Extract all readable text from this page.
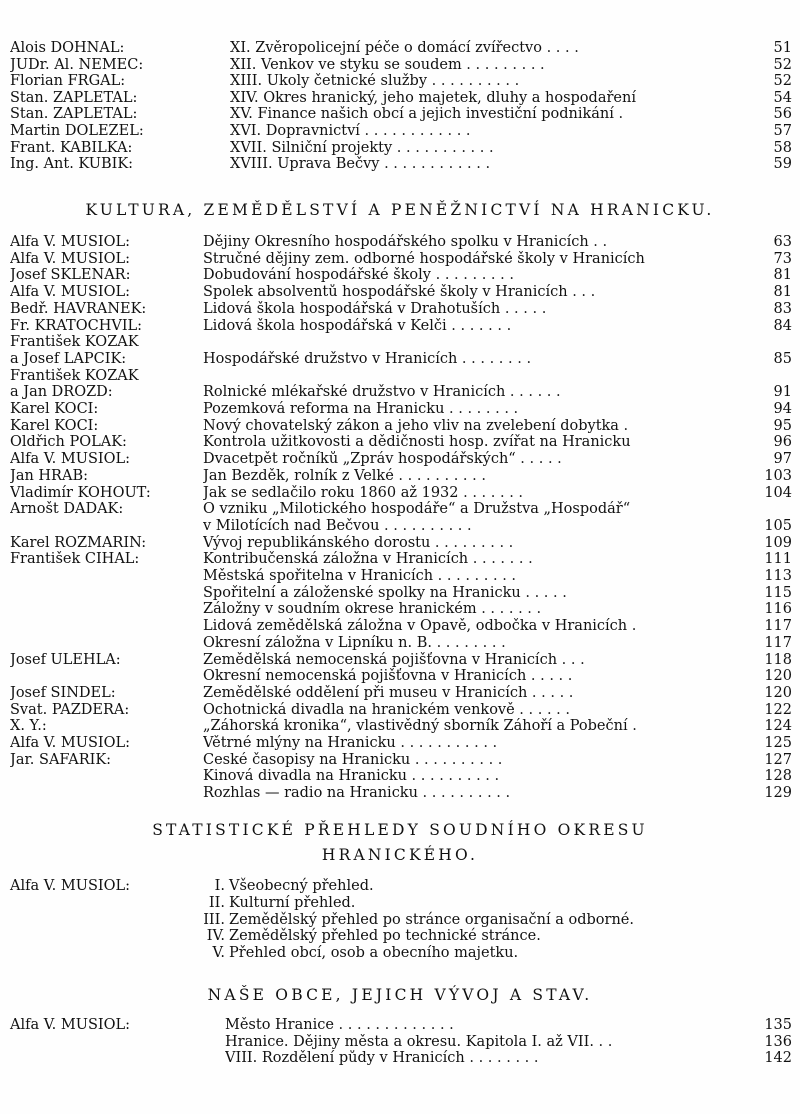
Alois DOHNAL:	XI. Zvěropolicejní péče o domácí zvířectvo . . . .	51
JUDr. Al. NĚMEC:	XII. Venkov ve styku se soudem . . . . . . . . .	52
Florian FRGAL:	XIII. Úkoly četnické služby . . . . . . . . . .	52
Stan. ZAPLETAL:	XIV. Okres hranický, jeho majetek, dluhy a hospodaření	54
Stan. ZAPLETAL:	XV. Finance našich obcí a jejich investiční podnikání .	56
Martin DOLEŽEL:	XVI. Dopravnictví . . . . . . . . . . . .	57
Frant. KABILKA:	XVII. Silniční projekty . . . . . . . . . . .	58
Ing. Ant. KUBÍK:	XVIII. Úprava Bečvy . . . . . . . . . . . .	59
KULTURA, ZEMĚDĚLSTVÍ A PENĚŽNICTVÍ NA HRANICKU.
Alfa V. MUSIOL:	Dějiny Okresního hospodářského spolku v Hranicích . .	63
Alfa V. MUSIOL:	Stručné dějiny zem. odborné hospodářské školy v Hranicích	73
Josef SKLENÁŘ:	Dobudování hospodářské školy . . . . . . . . .	81
Alfa V. MUSIOL:	Spolek absolventů hospodářské školy v Hranicích . . .	81
Bedř. HAVRÁNEK:	Lidová škola hospodářská v Drahotuších . . . . .	83
Fr. KRATOCHVIL:	Lidová škola hospodářská v Kelči . . . . . . .	84
František KOZÁK
a Josef LAPČÍK:	Hospodářské družstvo v Hranicích . . . . . . . .	85
František KOZÁK
a Jan DROZD:	Rolnické mlékařské družstvo v Hranicích . . . . . .	91
Karel KOČÍ:	Pozemková reforma na Hranicku . . . . . . . .	94
Karel KOČÍ:	Nový chovatelský zákon a jeho vliv na zvelebení dobytka .	95
Oldřich POLÁK:	Kontrola užitkovosti a dědičnosti hosp. zvířat na Hranicku	96
Alfa V. MUSIOL:	Dvacetpět ročníků „Zpráv hospodářských“ . . . . .	97
Jan HRAB:	Jan Bezděk, rolník z Velké . . . . . . . . . .	103
Vladimír KOHOUT:	Jak se sedlačilo roku 1860 až 1932 . . . . . . .	104
Arnošt DADÁK:	O vzniku „Milotického hospodáře“ a Družstva „Hospodář“
v Milotících nad Bečvou . . . . . . . . . .	105
Karel ROZMARÍN:	Vývoj republikánského dorostu . . . . . . . . .	109
František ČÍHAL:	Kontribučenská záložna v Hranicích . . . . . . .	111
Městská spořitelna v Hranicích . . . . . . . . .	113
Spořitelní a záloženské spolky na Hranicku . . . . .	115
Záložny v soudním okrese hranickém . . . . . . .	116
Lidová zemědělská záložna v Opavě, odbočka v Hranicích .	117
Okresní záložna v Lipníku n. B. . . . . . . . .	117
Josef ÚLEHLA:	Zemědělská nemocenská pojišťovna v Hranicích . . .	118
Okresní nemocenská pojišťovna v Hranicích . . . . .	120
Josef ŠINDEL:	Zemědělské oddělení při museu v Hranicích . . . . .	120
Svat. PAZDERA:	Ochotnická divadla na hranickém venkově . . . . . .	122
X. Y.:	„Záhorská kronika“, vlastivědný sborník Záhoří a Pobeční .	124
Alfa V. MUSIOL:	Větrné mlýny na Hranicku . . . . . . . . . . .	125
Jar. ŠAFAŘÍK:	České časopisy na Hranicku . . . . . . . . . .	127
Kinová divadla na Hranicku . . . . . . . . . .	128
Rozhlas — radio na Hranicku . . . . . . . . . .	129
STATISTICKÉ PŘEHLEDY SOUDNÍHO OKRESU
HRANICKÉHO.
Alfa V. MUSIOL:	I. Všeobecný přehled.
II. Kulturní přehled.
III. Zemědělský přehled po stránce organisační a odborné.
IV. Zemědělský přehled po technické stránce.
V. Přehled obcí, osob a obecního majetku.
NAŠE OBCE, JEJICH VÝVOJ A STAV.
Alfa V. MUSIOL:	Město Hranice . . . . . . . . . . . . .	135
Hranice. Dějiny města a okresu. Kapitola I. až VII. . .	136
VIII. Rozdělení půdy v Hranicích . . . . . . . .	142
